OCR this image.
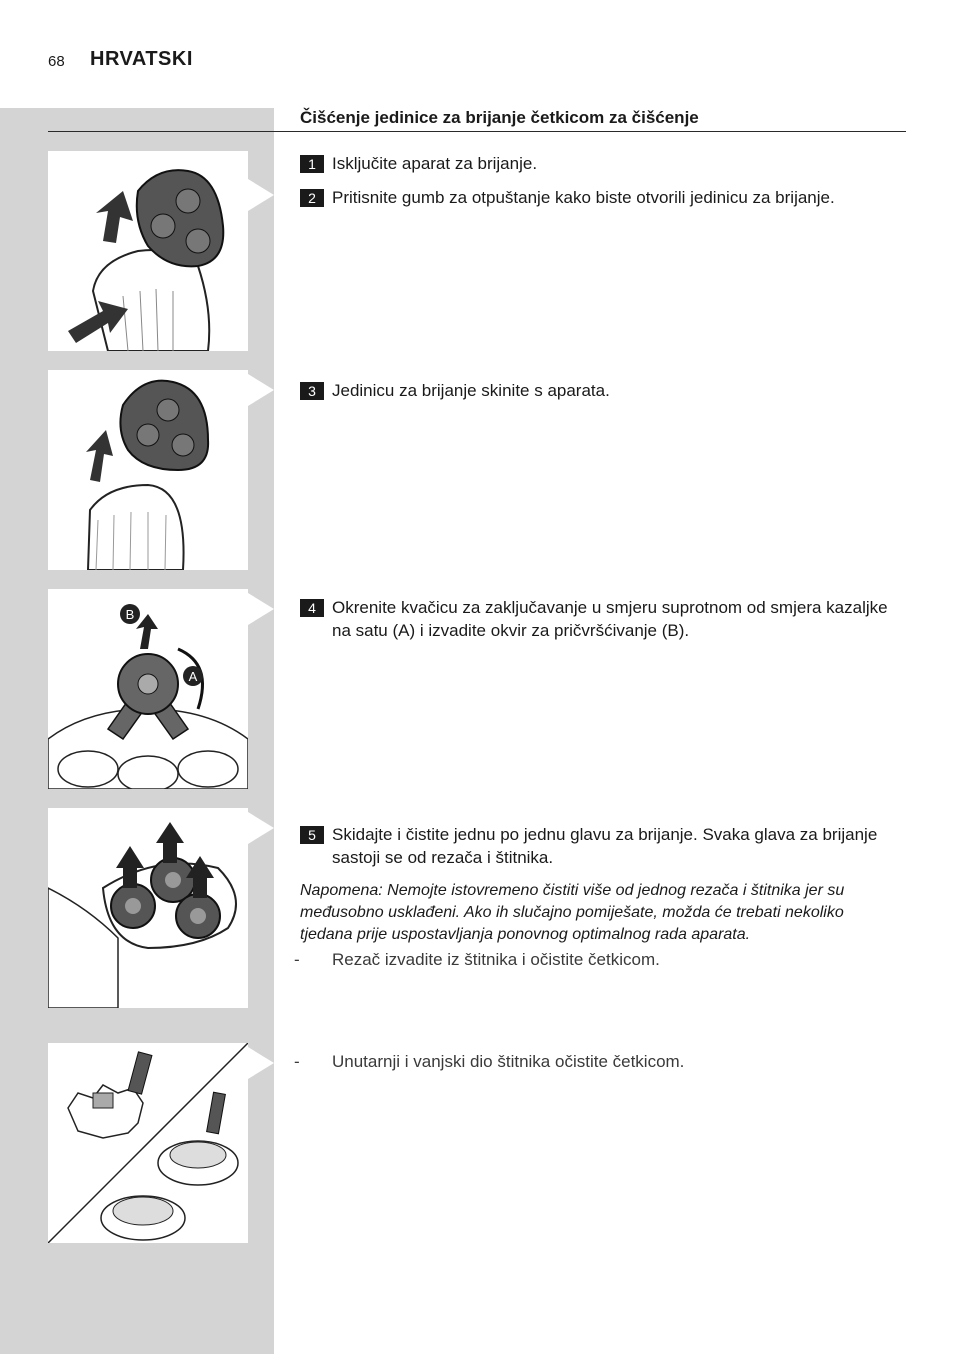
68 HRVATSKI
Čišćenje jedinice za brijanje četkicom za čišćenje
B
A
1 Isključite aparat za brijanje.
2 Pritisnite gumb za otpuštanje kako biste otvorili jedinicu za brijanje.
3 Jedinicu za brijanje skinite s aparata.
4 Okrenite kvačicu za zaključavanje u smjeru suprotnom od smjera kazaljke na satu (A) i izvadite okvir za pričvršćivanje (B).
5 Skidajte i čistite jednu po jednu glavu za brijanje. Svaka glava za brijanje sastoji se od rezača i štitnika.
Napomena: Nemojte istovremeno čistiti više od jednog rezača i štitnika jer su međusobno usklađeni. Ako ih slučajno pomiješate, možda će trebati nekoliko tjedana prije uspostavljanja ponovnog optimalnog rada aparata.
- Rezač izvadite iz štitnika i očistite četkicom.
- Unutarnji i vanjski dio štitnika očistite četkicom.
